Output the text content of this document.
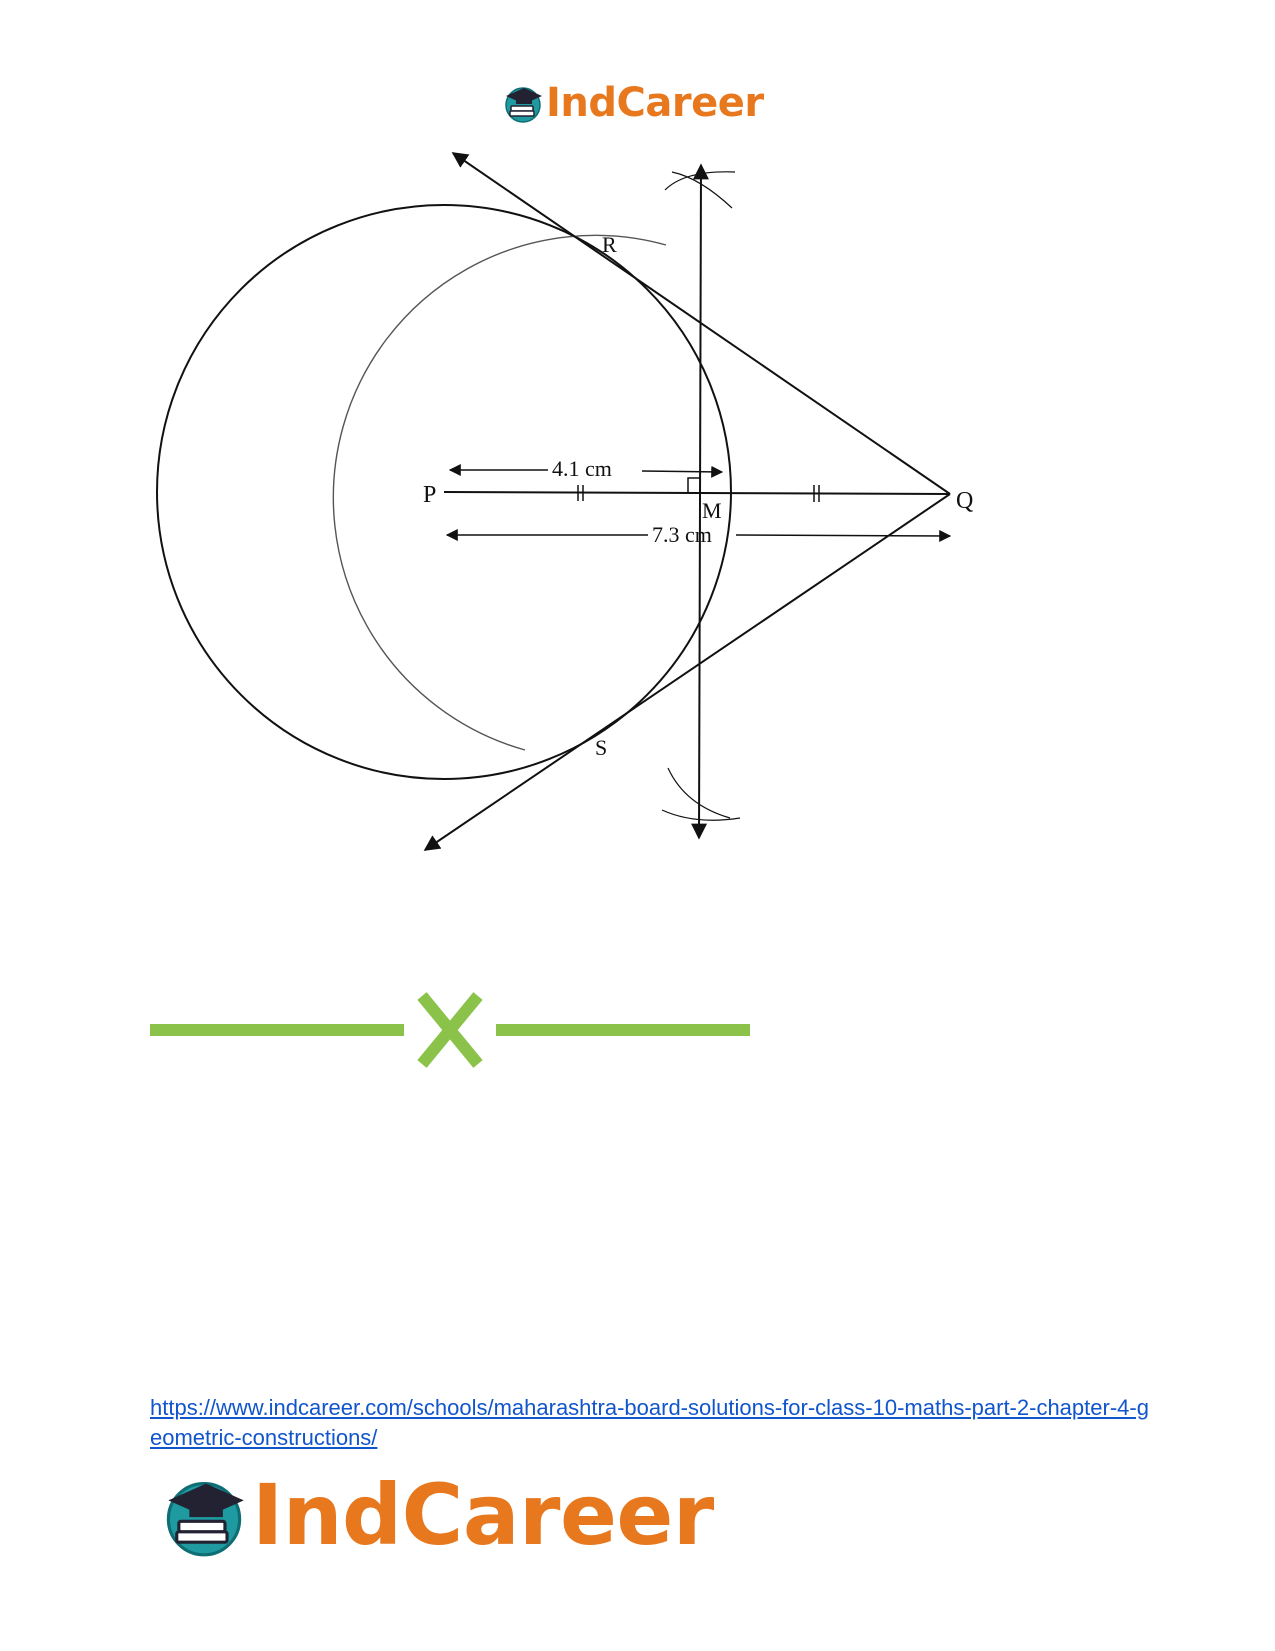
IndCareer
P	Q
M
R
S
4.1 cm
7.3 cm
https://www.indcareer.com/schools/maharashtra-board-solutions-for-class-10-maths-part-2-chapter-4-geometric-constructions/
IndCareer
